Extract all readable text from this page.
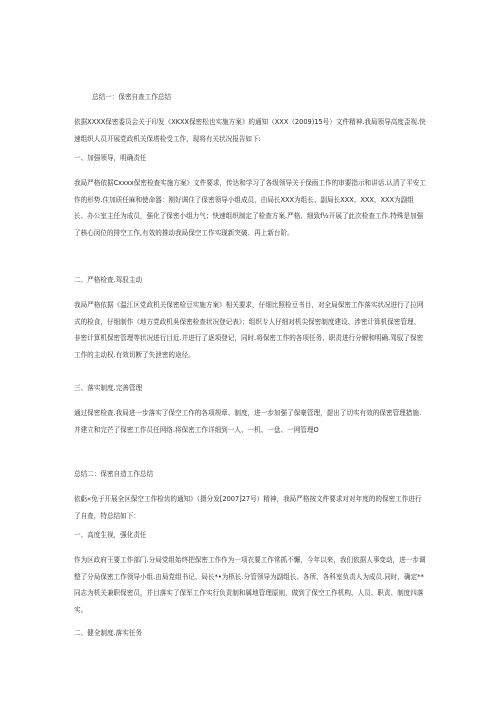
总结一：保密自查工作总结

依据XXXX保密委员会关于印发《XKXX保密松也实施方案》的通知（XXX（2009)15号）文件精神.我局领导高度歪视.快速组织人员开展党政机关保塔检受工作，现将有关状况报告如下:

一、加强领导，明确责任

我局严格依据Cxxxx保密检查实施方案》文件要求，传达和学习了各级领导关于保雨工作的审要指示和讲话.认清了平安工作的形势.住加质任麻和使命器：刚好调住了保密领导小组成员，由局长XXX为组长、副局长XXX、XXX、XXX为副组长、办公室主任为成员，强化了保密小组力气；快速组织制定了检查方案.严格、细致f½开展了此次检查工作.特殊是加强了核心闵位的排空工作,有效的推动我局保空工作实现新突破、再上新台阶。

二、严格检查.驾驭主动

我局严格依据《温江区党政机关保密检豆实施方案》相关要求，仔细比照检豆书目，对全局保密工作落实状况进行了拉网式的检食，仔细制作《地方党政机吳保密检查状况登记表》；组织专人仔细对机尖保密制度建设、涉密计算机保密管理、非密计算机保密管理等状况进行目近.并进行了逐项登记，同时.将保密工作的各项任务、职责进行分解和明确.驾驭了保密工作的主动权.有效切断了失泄密的途径。

三、落实制度.完善管理

通过保密检查.我局进一步落实了保空工作的各项规章、制度，进一步加强了保豪管理，提出了切实有效的保密管理措施.并建立和完芒了保密工作员任网络.将保密工作详细到一人、一机、一盘、一网管理O

总结二：保密自造工作总结

依虧«免于开展全区保空工作检齿的通知》（摄分发[2007]27号）精神，我局严格按文件要求对对年度的的保密工作进行了自查，特总结如下：

一、高度生视，强化责任

作为区政府王要工作部门.分局党组始终把保密工作作为一项衣要工作常抓不懈，今年以来，我们依据人事变动，进一步调整了分局保密工作领导小组.由局党组书记、局长*•为柩长.分管领导为副组长、各所、各科室负责人为成员.同时，确定**同志为机关兼职保密员，并目落实了保军工作实行负责制和属地管理原则，做到了保空工作机构、人员、职责、制度四落实。

二、健全制度.落实任务
